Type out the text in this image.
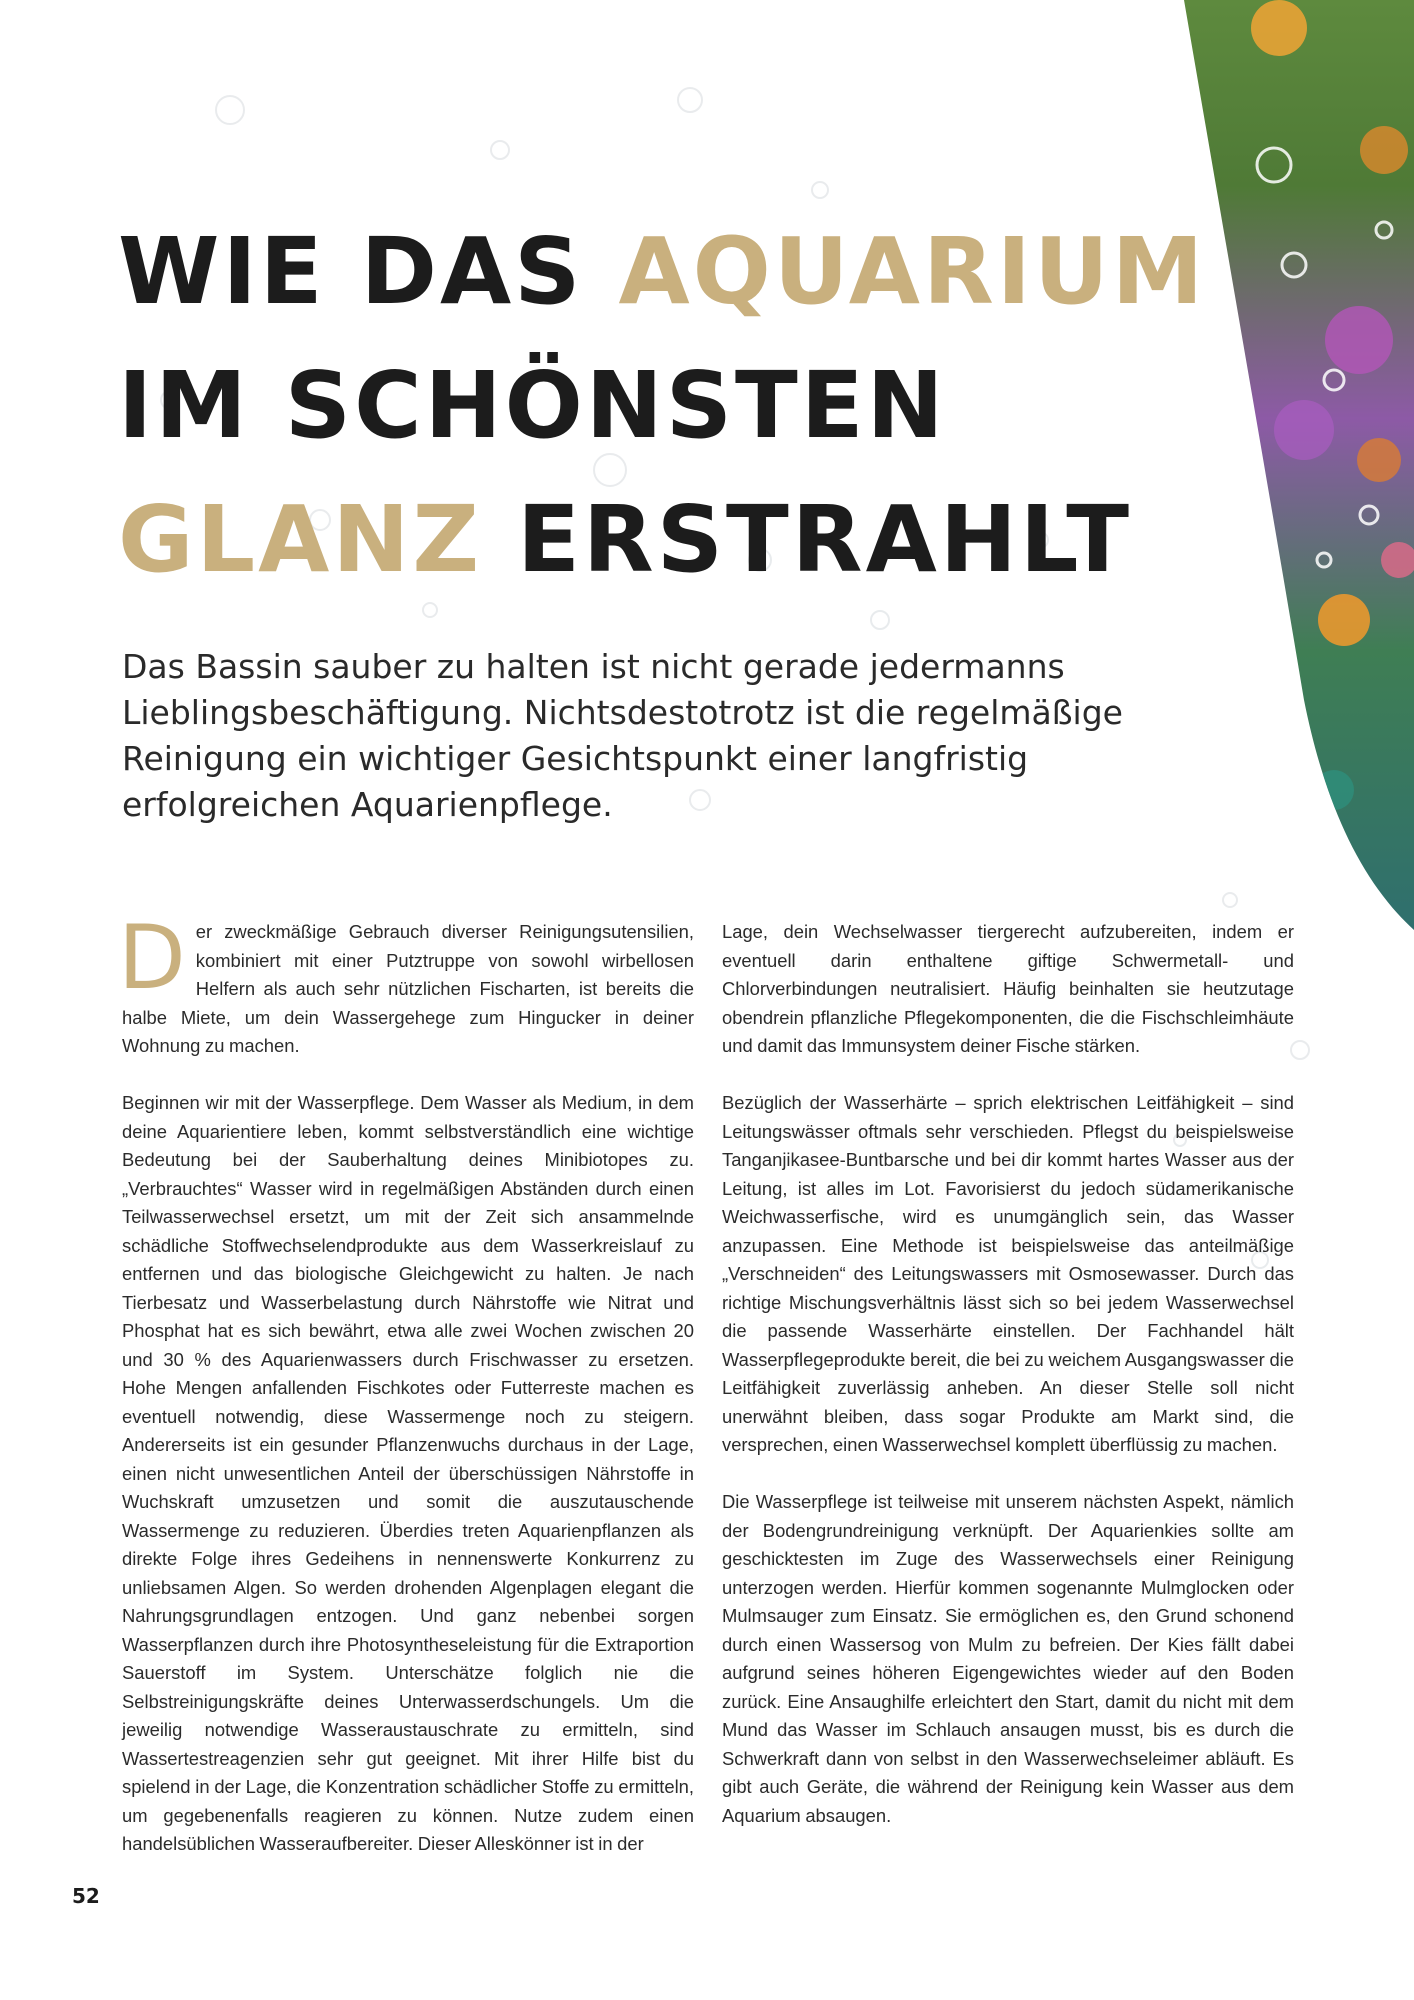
WIE DAS AQUARIUM
IM SCHÖNSTEN
GLANZ ERSTRAHLT

Das Bassin sauber zu halten ist nicht gerade jedermanns Lieblingsbeschäftigung. Nichtsdestotrotz ist die regelmäßige Reinigung ein wichtiger Gesichtspunkt einer langfristig erfolgreichen Aquarienpflege.

Der zweckmäßige Gebrauch diverser Reinigungsutensilien, kombiniert mit einer Putztruppe von sowohl wirbellosen Helfern als auch sehr nützlichen Fischarten, ist bereits die halbe Miete, um dein Wassergehege zum Hingucker in deiner Wohnung zu machen.

Beginnen wir mit der Wasserpflege. Dem Wasser als Medium, in dem deine Aquarientiere leben, kommt selbstverständlich eine wichtige Bedeutung bei der Sauberhaltung deines Minibiotopes zu. „Verbrauchtes“ Wasser wird in regelmäßigen Abständen durch einen Teilwasserwechsel ersetzt, um mit der Zeit sich ansammelnde schädliche Stoffwechselendprodukte aus dem Wasserkreislauf zu entfernen und das biologische Gleichgewicht zu halten. Je nach Tierbesatz und Wasserbelastung durch Nährstoffe wie Nitrat und Phosphat hat es sich bewährt, etwa alle zwei Wochen zwischen 20 und 30 % des Aquarienwassers durch Frischwasser zu ersetzen. Hohe Mengen anfallenden Fischkotes oder Futterreste machen es eventuell notwendig, diese Wassermenge noch zu steigern. Andererseits ist ein gesunder Pflanzenwuchs durchaus in der Lage, einen nicht unwesentlichen Anteil der überschüssigen Nährstoffe in Wuchskraft umzusetzen und somit die auszutauschende Wassermenge zu reduzieren. Überdies treten Aquarienpflanzen als direkte Folge ihres Gedeihens in nennenswerte Konkurrenz zu unliebsamen Algen. So werden drohenden Algenplagen elegant die Nahrungsgrundlagen entzogen. Und ganz nebenbei sorgen Wasserpflanzen durch ihre Photosyntheseleistung für die Extraportion Sauerstoff im System. Unterschätze folglich nie die Selbstreinigungskräfte deines Unterwasserdschungels. Um die jeweilig notwendige Wasseraustauschrate zu ermitteln, sind Wassertestreagenzien sehr gut geeignet. Mit ihrer Hilfe bist du spielend in der Lage, die Konzentration schädlicher Stoffe zu ermitteln, um gegebenenfalls reagieren zu können. Nutze zudem einen handelsüblichen Wasseraufbereiter. Dieser Alleskönner ist in der

Lage, dein Wechselwasser tiergerecht aufzubereiten, indem er eventuell darin enthaltene giftige Schwermetall- und Chlorverbindungen neutralisiert. Häufig beinhalten sie heutzutage obendrein pflanzliche Pflegekomponenten, die die Fischschleimhäute und damit das Immunsystem deiner Fische stärken.

Bezüglich der Wasserhärte – sprich elektrischen Leitfähigkeit – sind Leitungswässer oftmals sehr verschieden. Pflegst du beispielsweise Tanganjikasee-Buntbarsche und bei dir kommt hartes Wasser aus der Leitung, ist alles im Lot. Favorisierst du jedoch südamerikanische Weichwasserfische, wird es unumgänglich sein, das Wasser anzupassen. Eine Methode ist beispielsweise das anteilmäßige „Verschneiden“ des Leitungswassers mit Osmosewasser. Durch das richtige Mischungsverhältnis lässt sich so bei jedem Wasserwechsel die passende Wasserhärte einstellen. Der Fachhandel hält Wasserpflegeprodukte bereit, die bei zu weichem Ausgangswasser die Leitfähigkeit zuverlässig anheben. An dieser Stelle soll nicht unerwähnt bleiben, dass sogar Produkte am Markt sind, die versprechen, einen Wasserwechsel komplett überflüssig zu machen.

Die Wasserpflege ist teilweise mit unserem nächsten Aspekt, nämlich der Bodengrundreinigung verknüpft. Der Aquarienkies sollte am geschicktesten im Zuge des Wasserwechsels einer Reinigung unterzogen werden. Hierfür kommen sogenannte Mulmglocken oder Mulmsauger zum Einsatz. Sie ermöglichen es, den Grund schonend durch einen Wassersog von Mulm zu befreien. Der Kies fällt dabei aufgrund seines höheren Eigengewichtes wieder auf den Boden zurück. Eine Ansaughilfe erleichtert den Start, damit du nicht mit dem Mund das Wasser im Schlauch ansaugen musst, bis es durch die Schwerkraft dann von selbst in den Wasserwechseleimer abläuft. Es gibt auch Geräte, die während der Reinigung kein Wasser aus dem Aquarium absaugen.

52
